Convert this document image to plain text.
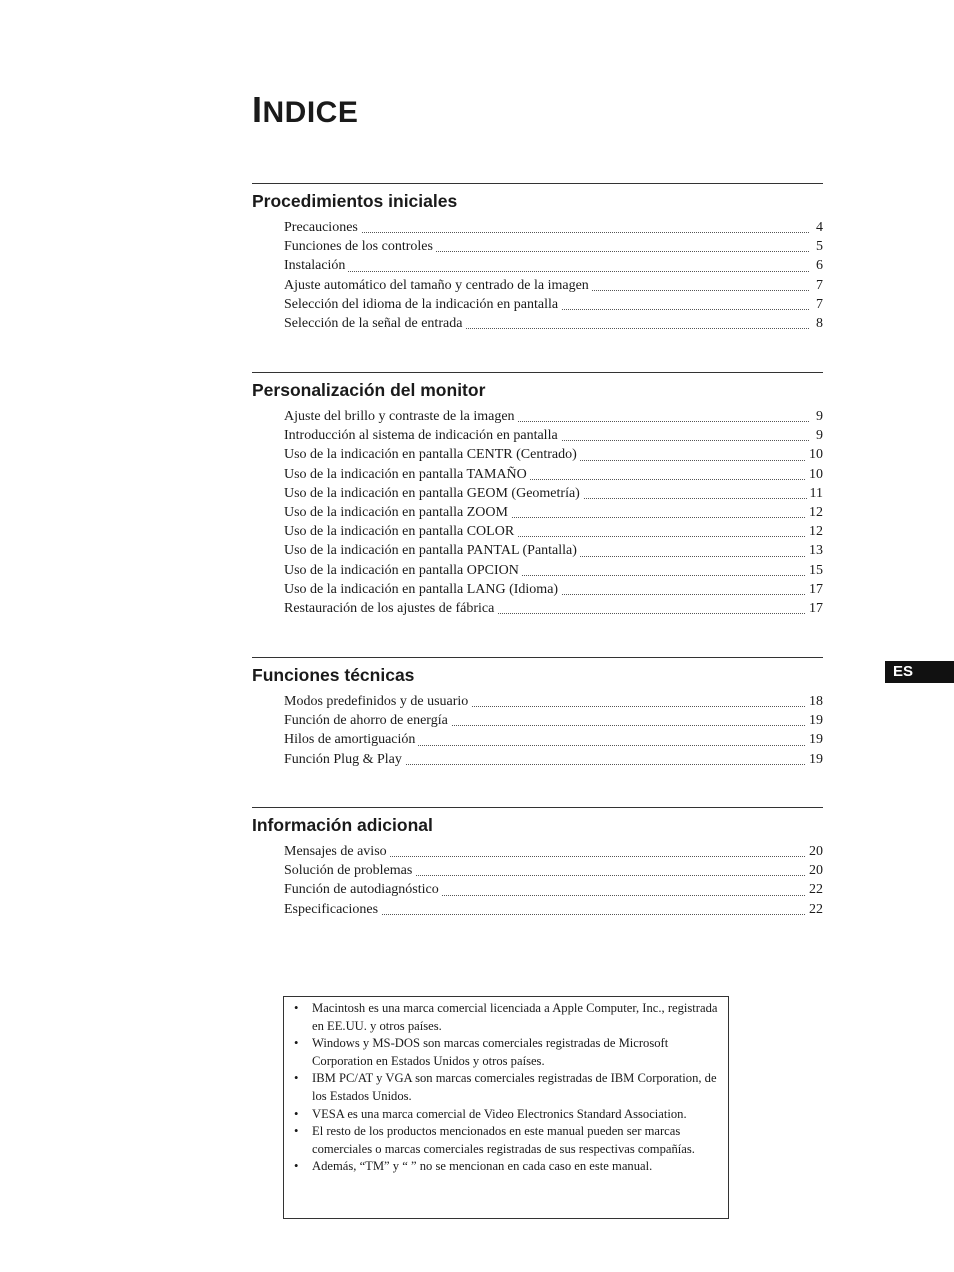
INDICE
Procedimientos iniciales
Precauciones	4
Funciones de los controles	5
Instalación	6
Ajuste automático del tamaño y centrado de la imagen	7
Selección del idioma de la indicación en pantalla	7
Selección de la señal de entrada	8
Personalización del monitor
Ajuste del brillo y contraste de la imagen	9
Introducción al sistema de indicación en pantalla	9
Uso de la indicación en pantalla CENTR (Centrado)	10
Uso de la indicación en pantalla TAMAÑO	10
Uso de la indicación en pantalla GEOM (Geometría)	11
Uso de la indicación en pantalla ZOOM	12
Uso de la indicación en pantalla COLOR	12
Uso de la indicación en pantalla PANTAL (Pantalla)	13
Uso de la indicación en pantalla OPCION	15
Uso de la indicación en pantalla LANG (Idioma)	17
Restauración de los ajustes de fábrica	17
Funciones técnicas
Modos predefinidos y de usuario	18
Función de ahorro de energía	19
Hilos de amortiguación	19
Función Plug & Play	19
Información adicional
Mensajes de aviso	20
Solución de problemas	20
Función de autodiagnóstico	22
Especificaciones	22
ES
• Macintosh es una marca comercial licenciada a Apple Computer, Inc., registrada en EE.UU. y otros países.
• Windows y MS-DOS son marcas comerciales registradas de Microsoft Corporation en Estados Unidos y otros países.
• IBM PC/AT y VGA son marcas comerciales registradas de IBM Corporation, de los Estados Unidos.
• VESA es una marca comercial de Video Electronics Standard Association.
• El resto de los productos mencionados en este manual pueden ser marcas comerciales o marcas comerciales registradas de sus respectivas compañías.
• Además, “TM” y “ ” no se mencionan en cada caso en este manual.
